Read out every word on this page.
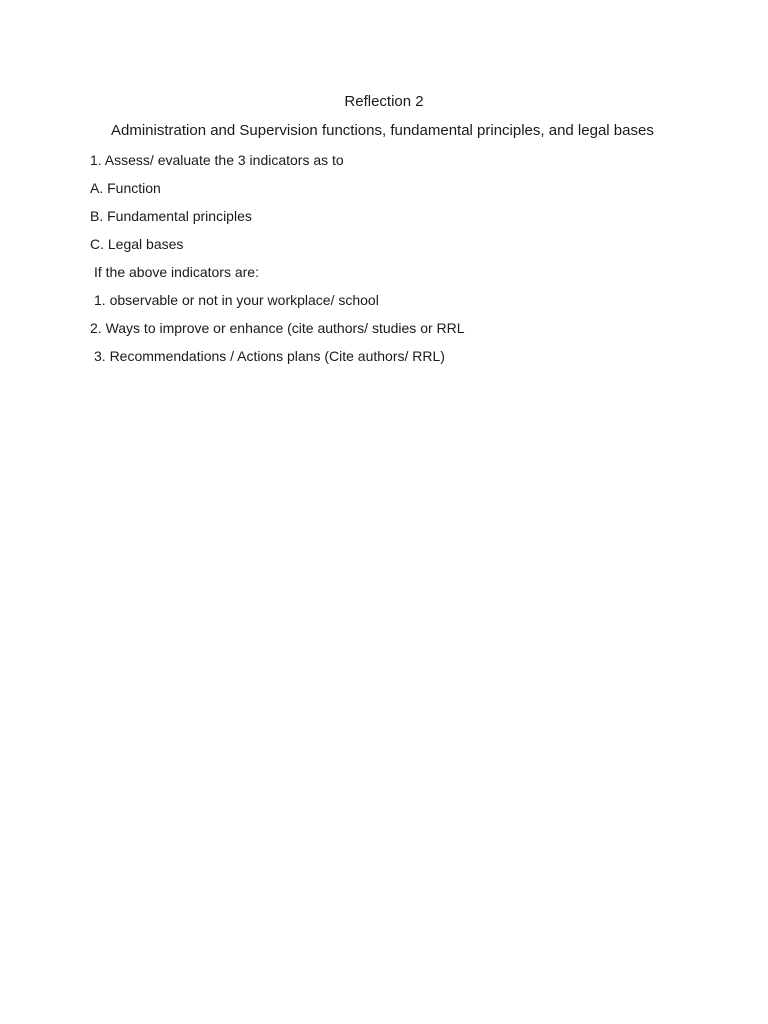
Reflection 2
Administration and Supervision functions, fundamental principles, and legal bases
1. Assess/ evaluate the 3 indicators as to
A. Function
B. Fundamental principles
C. Legal bases
If the above indicators are:
1. observable or not in your workplace/ school
2. Ways to improve or enhance (cite authors/ studies or RRL
3. Recommendations / Actions plans (Cite authors/ RRL)
